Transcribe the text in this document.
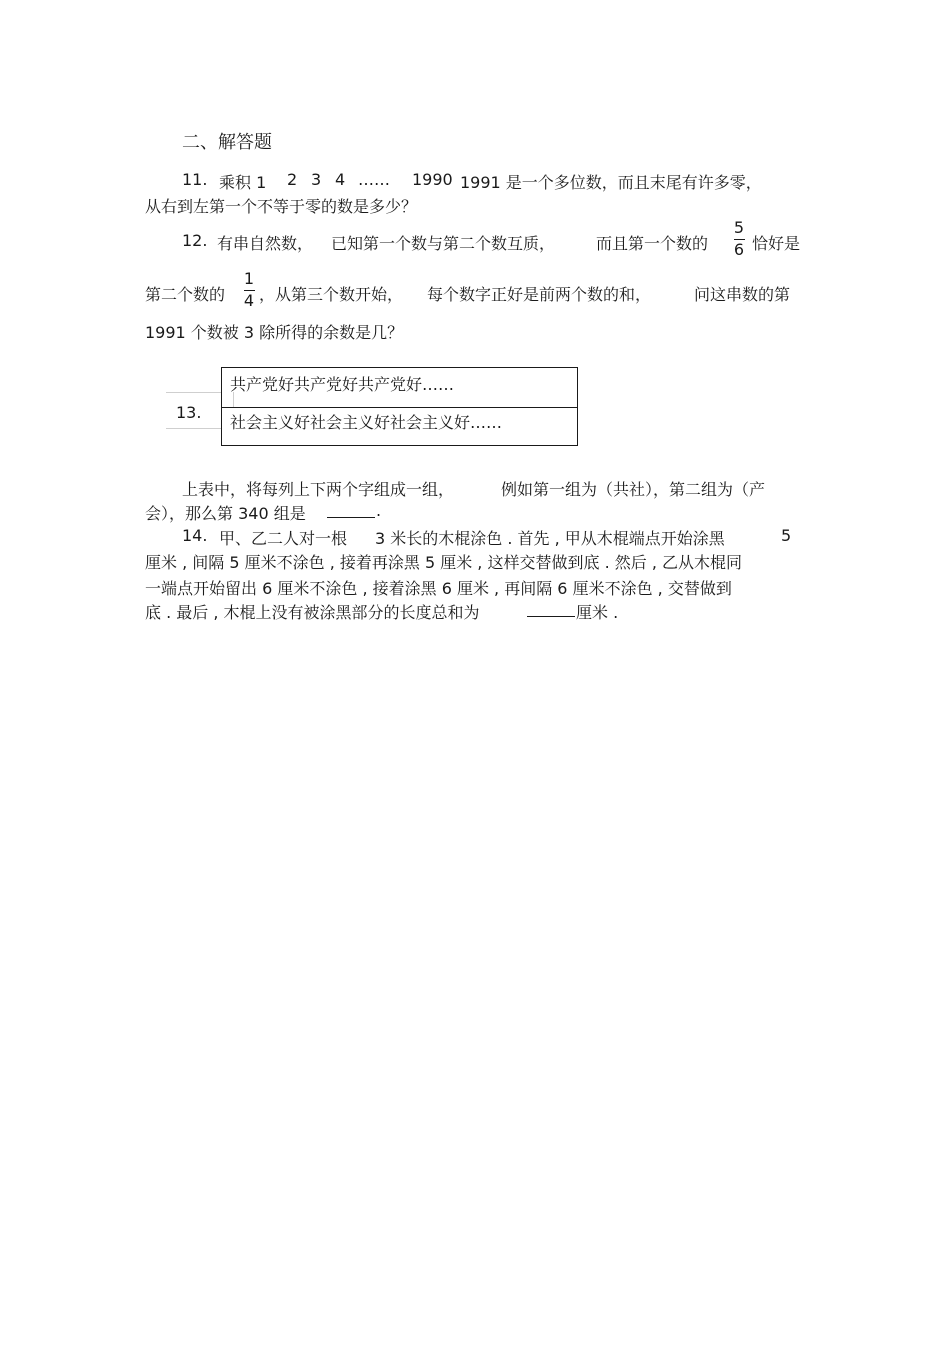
二、解答题
11. 乘积 1 2 3 4 …… 1990 1991 是一个多位数，而且末尾有许多零，
从右到左第一个不等于零的数是多少？
12. 有串自然数， 已知第一个数与第二个数互质，	而且第一个数的
5
6 恰好是
第二个数的
1
4 ，从第三个数开始， 每个数字正好是前两个数的和，	问这串数的第
1991 个数被 3 除所得的余数是几？
13.
共产党好共产党好共产党好……
社会主义好社会主义好社会主义好……
上表中，将每列上下两个字组成一组，	例如第一组为（共社），第二组为（产
会），那么第 340 组是	.
14. 甲、乙二人对一根 3 米长的木棍涂色 . 首先 , 甲从木棍端点开始涂黑	5
厘米 , 间隔 5 厘米不涂色 , 接着再涂黑 5 厘米 , 这样交替做到底 . 然后 , 乙从木棍同
一端点开始留出 6 厘米不涂色 , 接着涂黑 6 厘米 , 再间隔 6 厘米不涂色 , 交替做到
底 . 最后 , 木棍上没有被涂黑部分的长度总和为	厘米 .
